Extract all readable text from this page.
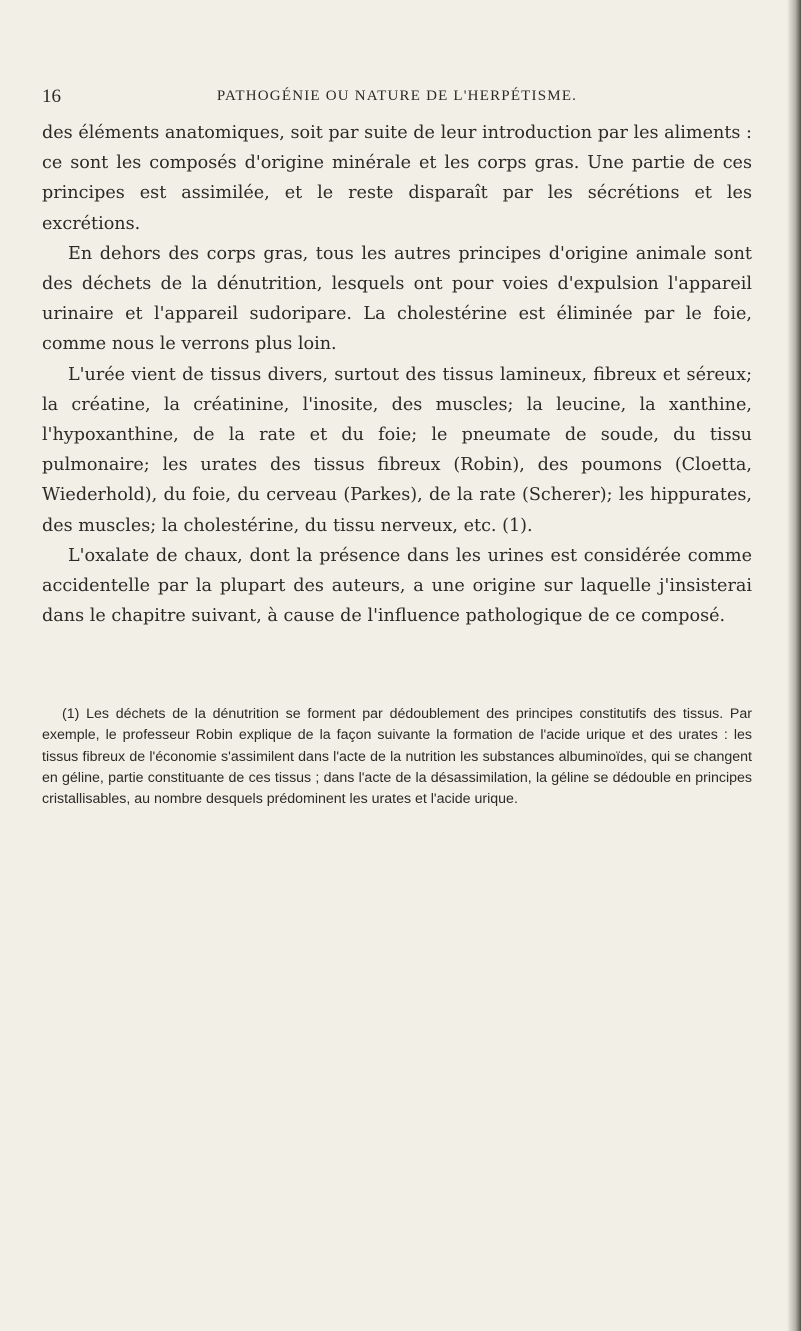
16	PATHOGÉNIE OU NATURE DE L'HERPÉTISME.

des éléments anatomiques, soit par suite de leur introduction par les aliments : ce sont les composés d'origine minérale et les corps gras. Une partie de ces principes est assimilée, et le reste disparaît par les sécrétions et les excrétions.

En dehors des corps gras, tous les autres principes d'origine animale sont des déchets de la dénutrition, lesquels ont pour voies d'expulsion l'appareil urinaire et l'appareil sudoripare. La cholestérine est éliminée par le foie, comme nous le verrons plus loin.

L'urée vient de tissus divers, surtout des tissus lamineux, fibreux et séreux; la créatine, la créatinine, l'inosite, des muscles; la leucine, la xanthine, l'hypoxanthine, de la rate et du foie; le pneumate de soude, du tissu pulmonaire; les urates des tissus fibreux (Robin), des poumons (Cloetta, Wiederhold), du foie, du cerveau (Parkes), de la rate (Scherer); les hippurates, des muscles; la cholestérine, du tissu nerveux, etc. (1).

L'oxalate de chaux, dont la présence dans les urines est considérée comme accidentelle par la plupart des auteurs, a une origine sur laquelle j'insisterai dans le chapitre suivant, à cause de l'influence pathologique de ce composé.

(1) Les déchets de la dénutrition se forment par dédoublement des principes constitutifs des tissus. Par exemple, le professeur Robin explique de la façon suivante la formation de l'acide urique et des urates : les tissus fibreux de l'économie s'assimilent dans l'acte de la nutrition les substances albuminoïdes, qui se changent en géline, partie constituante de ces tissus ; dans l'acte de la désassimilation, la géline se dédouble en principes cristallisables, au nombre desquels prédominent les urates et l'acide urique.
